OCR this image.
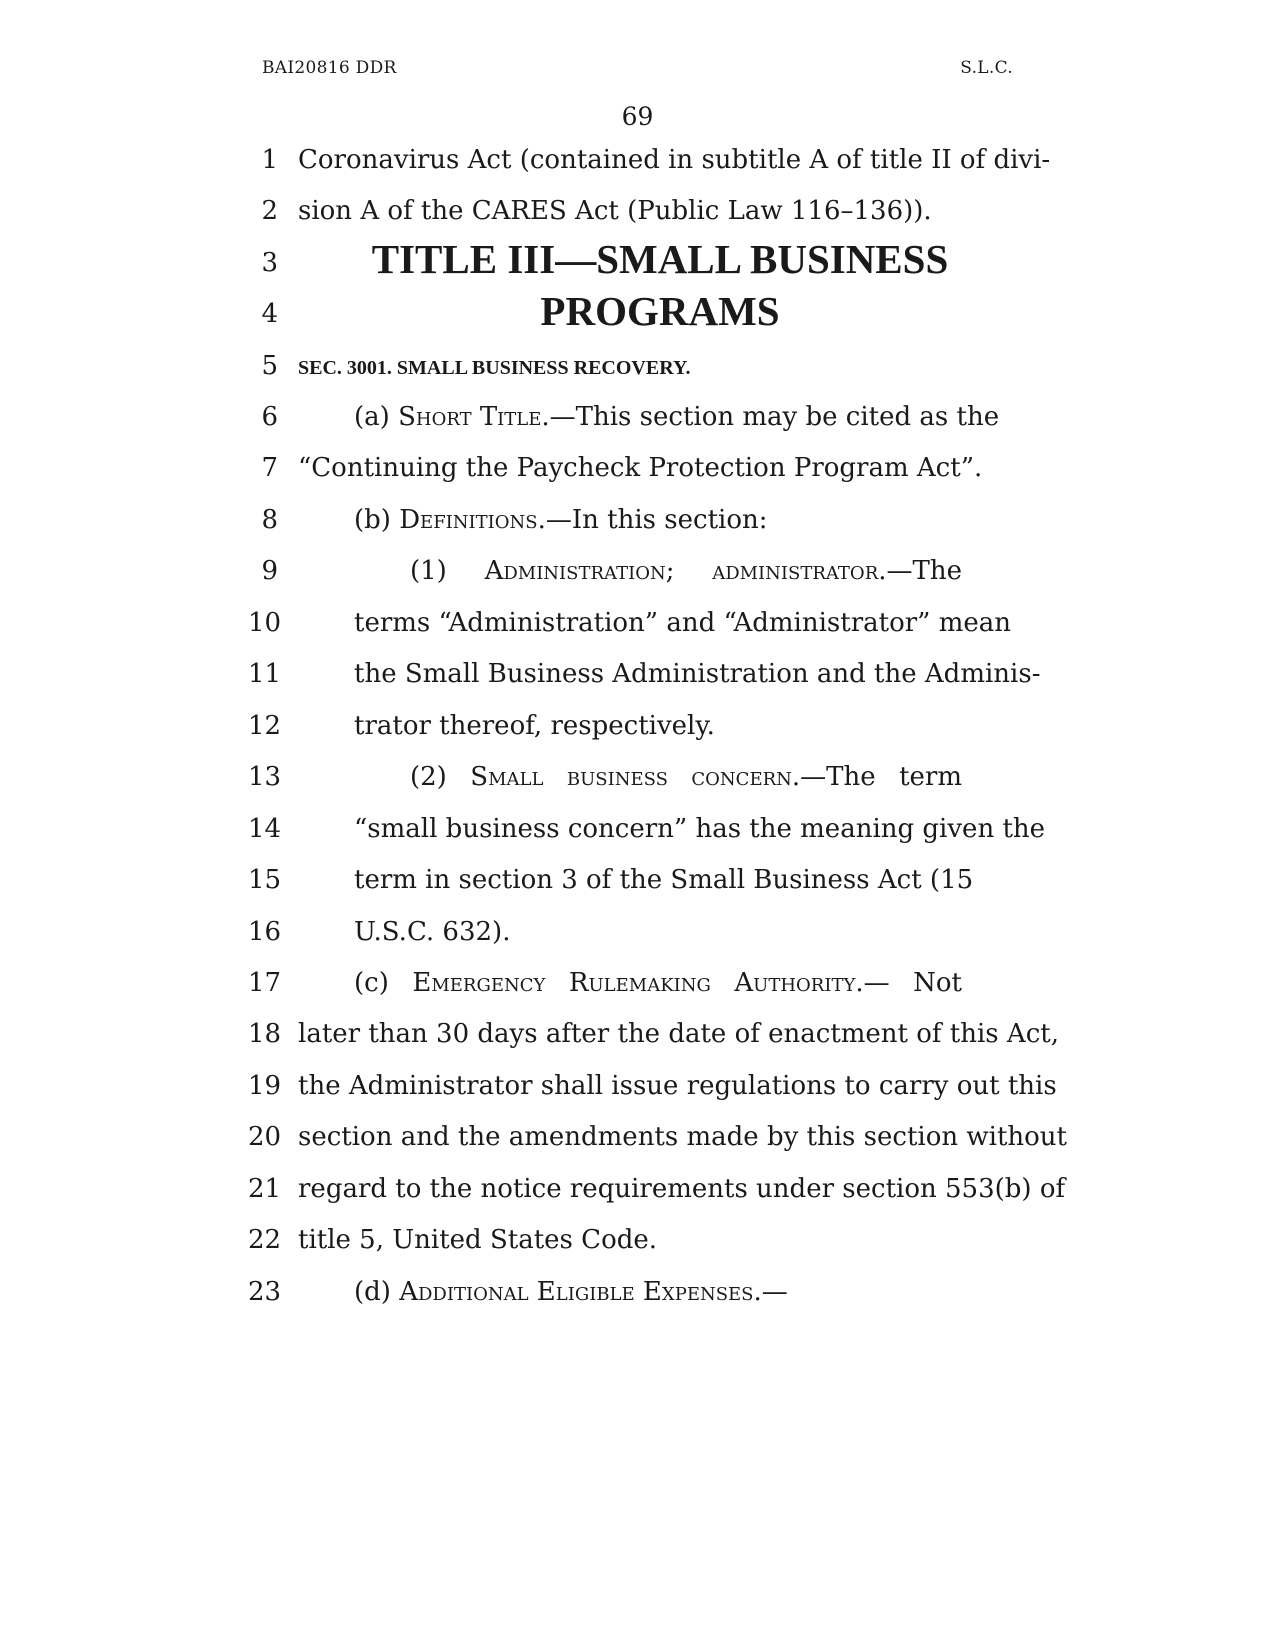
BAI20816 DDR	S.L.C.
69
1 Coronavirus Act (contained in subtitle A of title II of divi-
2 sion A of the CARES Act (Public Law 116–136)).
3	TITLE III—SMALL BUSINESS
4	PROGRAMS
5 SEC. 3001. SMALL BUSINESS RECOVERY.
6	(a) Short Title.—This section may be cited as the
7 “Continuing the Paycheck Protection Program Act”.
8	(b) Definitions.—In this section:
9	(1) Administration; administrator.—The
10	terms “Administration” and “Administrator” mean
11	the Small Business Administration and the Adminis-
12	trator thereof, respectively.
13	(2) Small business concern.—The term
14	“small business concern” has the meaning given the
15	term in section 3 of the Small Business Act (15
16	U.S.C. 632).
17	(c) Emergency Rulemaking Authority.— Not
18 later than 30 days after the date of enactment of this Act,
19 the Administrator shall issue regulations to carry out this
20 section and the amendments made by this section without
21 regard to the notice requirements under section 553(b) of
22 title 5, United States Code.
23	(d) Additional Eligible Expenses.—
